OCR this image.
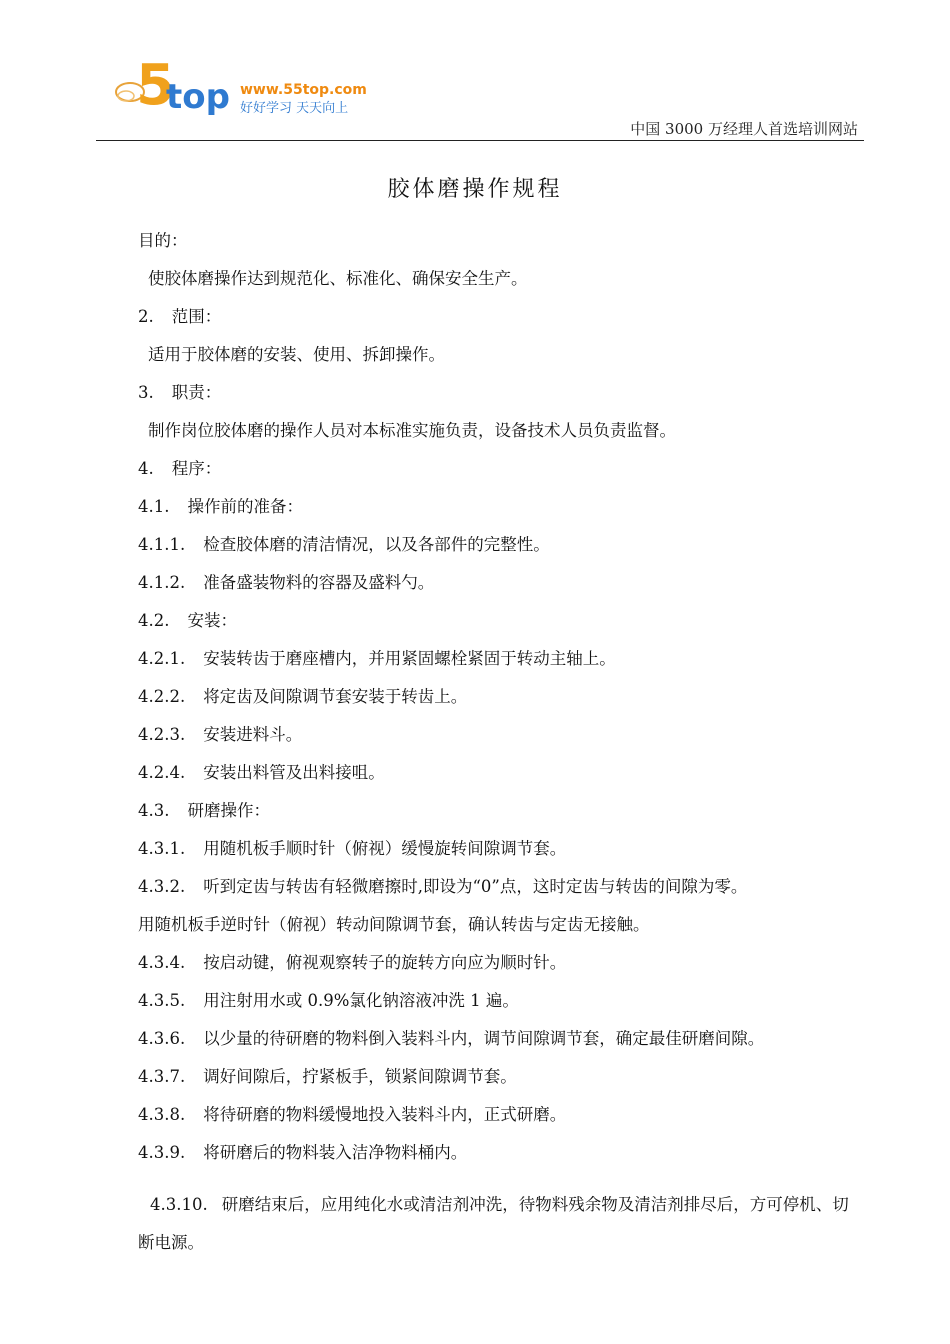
5
top www.55top.com
好好学习 天天向上
中国 3000 万经理人首选培训网站
胶体磨操作规程
目的：
使胶体磨操作达到规范化、标准化、确保安全生产。
2. 范围：
适用于胶体磨的安装、使用、拆卸操作。
3. 职责：
制作岗位胶体磨的操作人员对本标准实施负责，设备技术人员负责监督。
4. 程序：
4.1. 操作前的准备：
4.1.1. 检查胶体磨的清洁情况，以及各部件的完整性。
4.1.2. 准备盛装物料的容器及盛料勺。
4.2. 安装：
4.2.1. 安装转齿于磨座槽内，并用紧固螺栓紧固于转动主轴上。
4.2.2. 将定齿及间隙调节套安装于转齿上。
4.2.3. 安装进料斗。
4.2.4. 安装出料管及出料接咀。
4.3. 研磨操作：
4.3.1. 用随机板手顺时针（俯视）缓慢旋转间隙调节套。
4.3.2. 听到定齿与转齿有轻微磨擦时,即设为“0”点，这时定齿与转齿的间隙为零。
用随机板手逆时针（俯视）转动间隙调节套，确认转齿与定齿无接触。
4.3.4. 按启动键，俯视观察转子的旋转方向应为顺时针。
4.3.5. 用注射用水或 0.9%氯化钠溶液冲洗 1 遍。
4.3.6. 以少量的待研磨的物料倒入装料斗内，调节间隙调节套，确定最佳研磨间隙。
4.3.7. 调好间隙后，拧紧板手，锁紧间隙调节套。
4.3.8. 将待研磨的物料缓慢地投入装料斗内，正式研磨。
4.3.9. 将研磨后的物料装入洁净物料桶内。
4.3.10. 研磨结束后，应用纯化水或清洁剂冲洗，待物料残余物及清洁剂排尽后，方可停机、切断电源。
